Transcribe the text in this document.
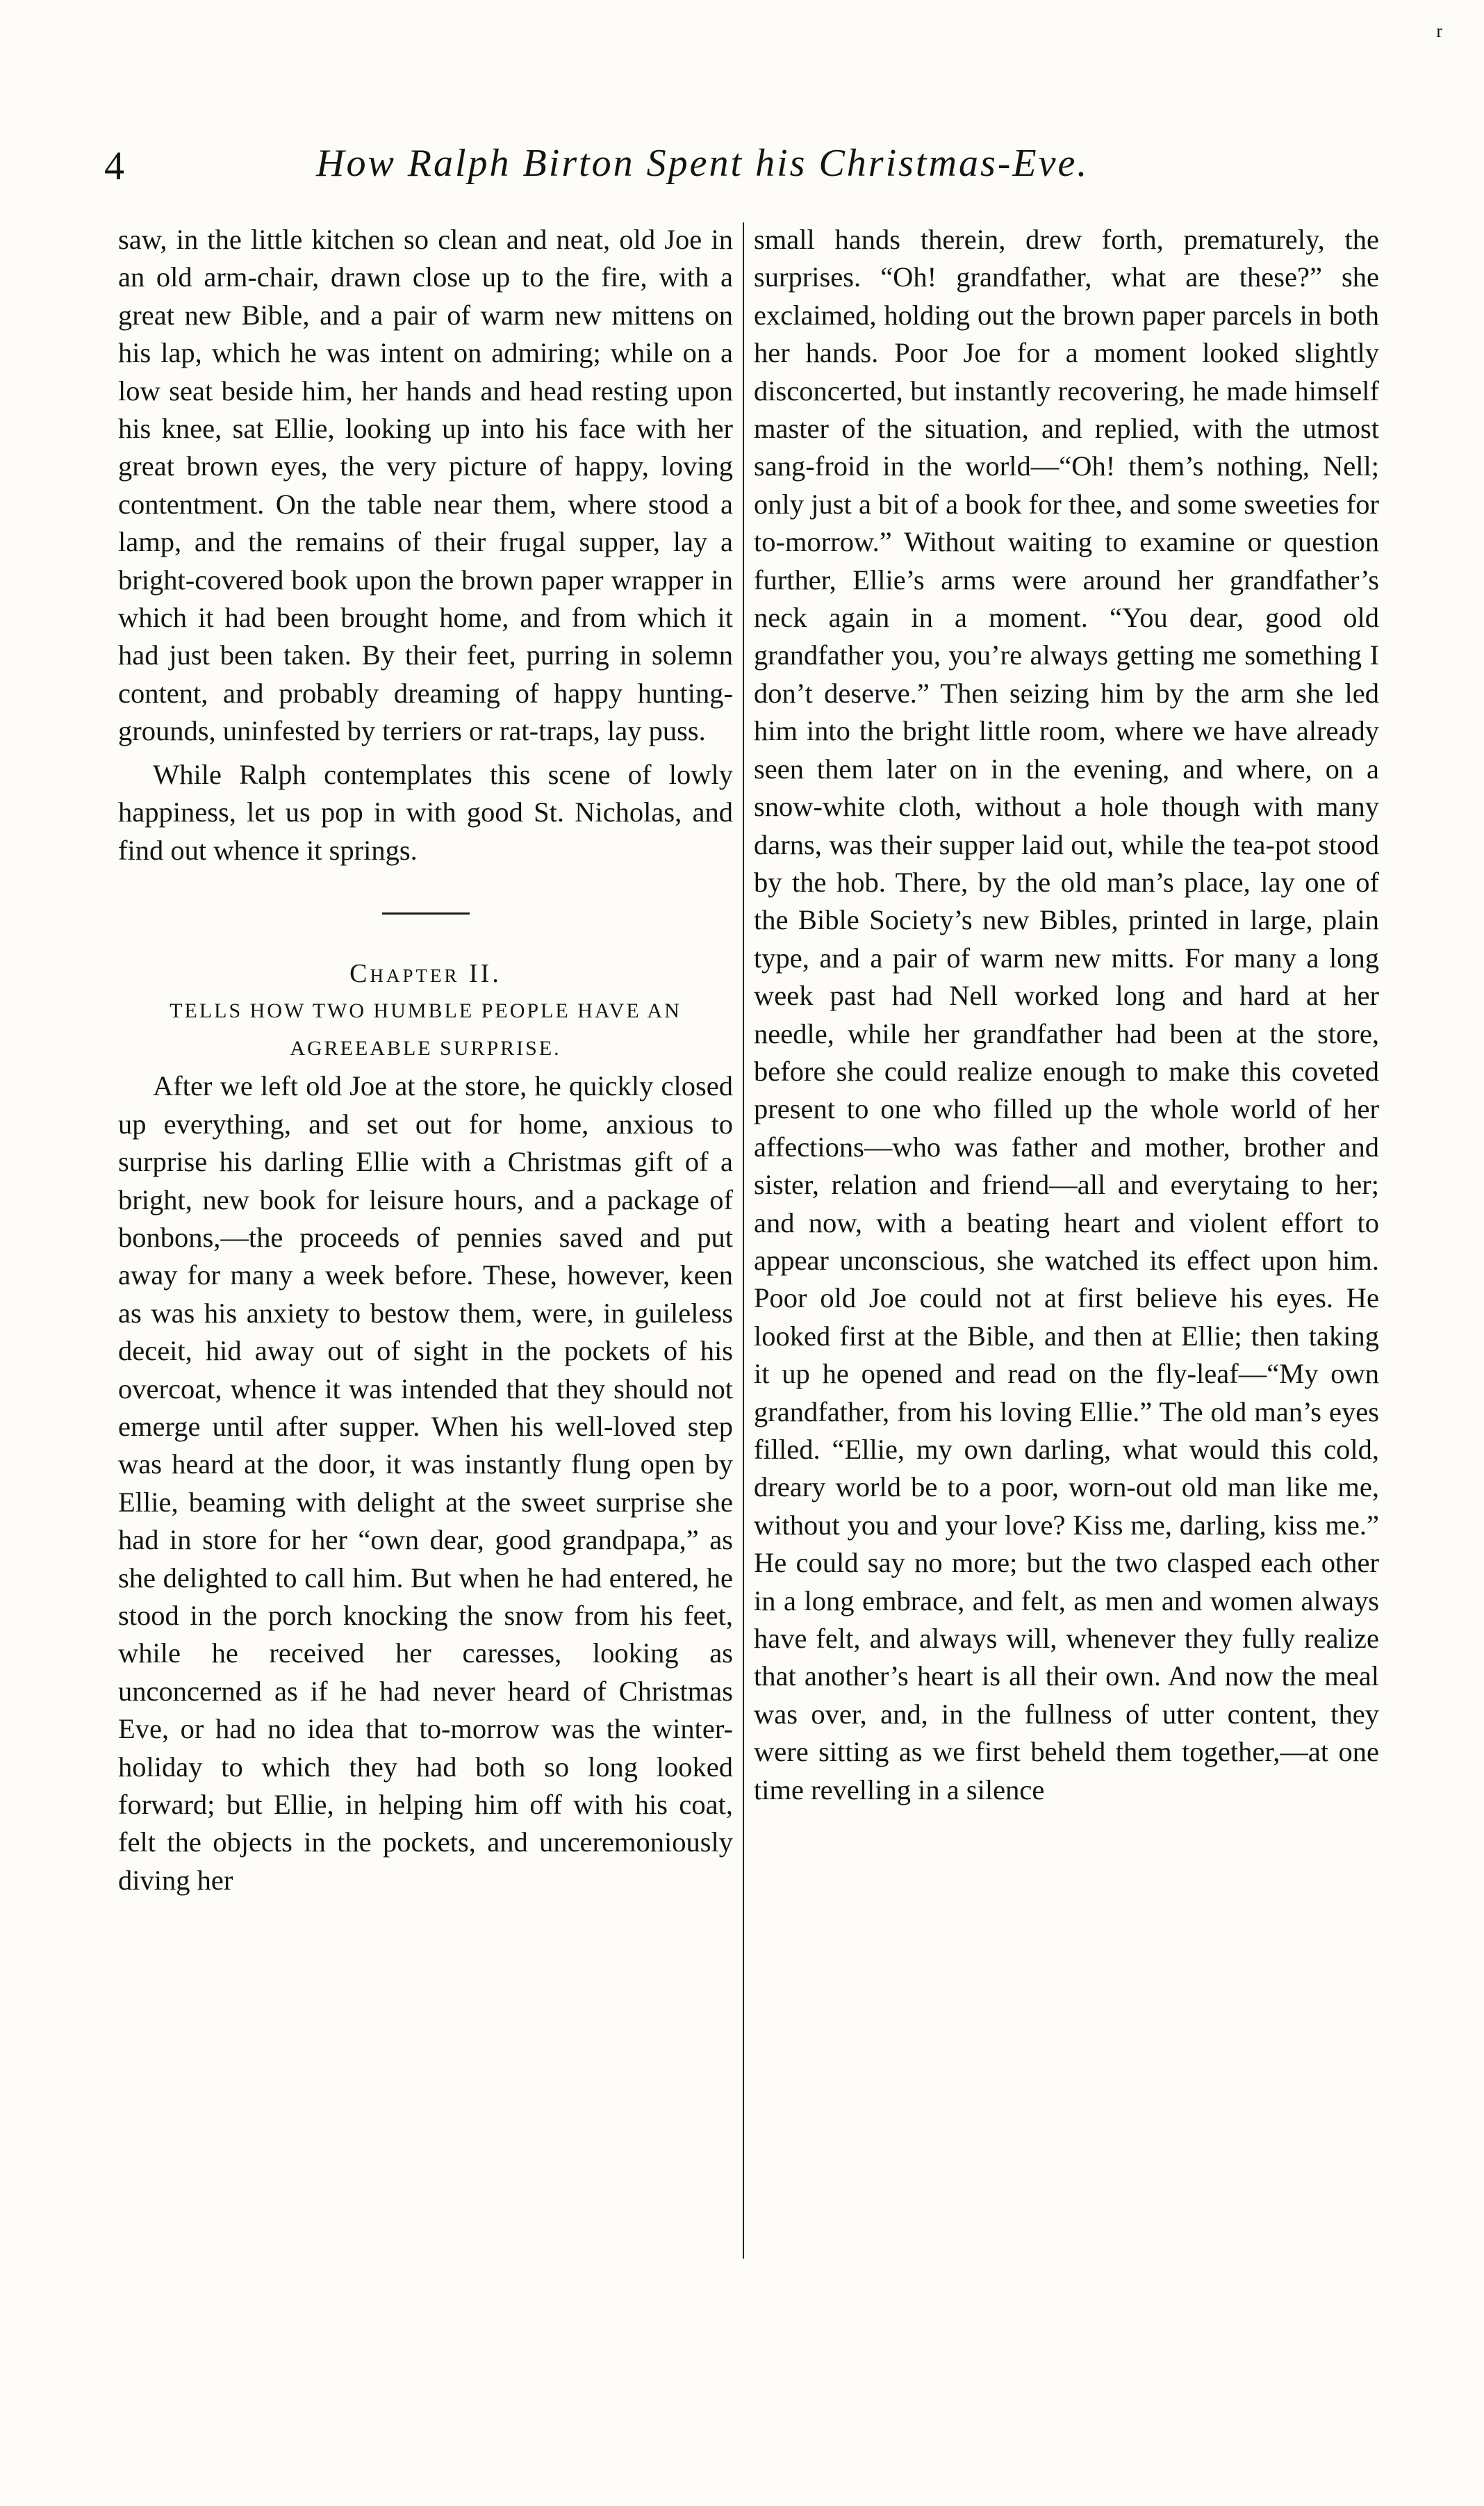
r
4	How Ralph Birton Spent his Christmas-Eve.

saw, in the little kitchen so clean and neat, old Joe in an old arm-chair, drawn close up to the fire, with a great new Bible, and a pair of warm new mittens on his lap, which he was intent on admiring; while on a low seat beside him, her hands and head resting upon his knee, sat Ellie, looking up into his face with her great brown eyes, the very picture of happy, loving contentment. On the table near them, where stood a lamp, and the remains of their frugal supper, lay a bright-covered book upon the brown paper wrapper in which it had been brought home, and from which it had just been taken. By their feet, purring in solemn content, and probably dreaming of happy hunting-grounds, uninfested by terriers or rat-traps, lay puss.

While Ralph contemplates this scene of lowly happiness, let us pop in with good St. Nicholas, and find out whence it springs.

Chapter II.

TELLS HOW TWO HUMBLE PEOPLE HAVE AN AGREEABLE SURPRISE.

After we left old Joe at the store, he quickly closed up everything, and set out for home, anxious to surprise his darling Ellie with a Christmas gift of a bright, new book for leisure hours, and a package of bonbons,—the proceeds of pennies saved and put away for many a week before. These, however, keen as was his anxiety to bestow them, were, in guileless deceit, hid away out of sight in the pockets of his overcoat, whence it was intended that they should not emerge until after supper. When his well-loved step was heard at the door, it was instantly flung open by Ellie, beaming with delight at the sweet surprise she had in store for her “own dear, good grandpapa,” as she delighted to call him. But when he had entered, he stood in the porch knocking the snow from his feet, while he received her caresses, looking as unconcerned as if he had never heard of Christmas Eve, or had no idea that to-morrow was the winter-holiday to which they had both so long looked forward; but Ellie, in helping him off with his coat, felt the objects in the pockets, and unceremoniously diving her

small hands therein, drew forth, prematurely, the surprises. “Oh! grandfather, what are these?” she exclaimed, holding out the brown paper parcels in both her hands. Poor Joe for a moment looked slightly disconcerted, but instantly recovering, he made himself master of the situation, and replied, with the utmost sang-froid in the world—“Oh! them’s nothing, Nell; only just a bit of a book for thee, and some sweeties for to-morrow.” Without waiting to examine or question further, Ellie’s arms were around her grandfather’s neck again in a moment. “You dear, good old grandfather you, you’re always getting me something I don’t deserve.” Then seizing him by the arm she led him into the bright little room, where we have already seen them later on in the evening, and where, on a snow-white cloth, without a hole though with many darns, was their supper laid out, while the tea-pot stood by the hob. There, by the old man’s place, lay one of the Bible Society’s new Bibles, printed in large, plain type, and a pair of warm new mitts. For many a long week past had Nell worked long and hard at her needle, while her grandfather had been at the store, before she could realize enough to make this coveted present to one who filled up the whole world of her affections—who was father and mother, brother and sister, relation and friend—all and everytaing to her; and now, with a beating heart and violent effort to appear unconscious, she watched its effect upon him. Poor old Joe could not at first believe his eyes. He looked first at the Bible, and then at Ellie; then taking it up he opened and read on the fly-leaf—“My own grandfather, from his loving Ellie.” The old man’s eyes filled. “Ellie, my own darling, what would this cold, dreary world be to a poor, worn-out old man like me, without you and your love? Kiss me, darling, kiss me.” He could say no more; but the two clasped each other in a long embrace, and felt, as men and women always have felt, and always will, whenever they fully realize that another’s heart is all their own. And now the meal was over, and, in the fullness of utter content, they were sitting as we first beheld them together,—at one time revelling in a silence
